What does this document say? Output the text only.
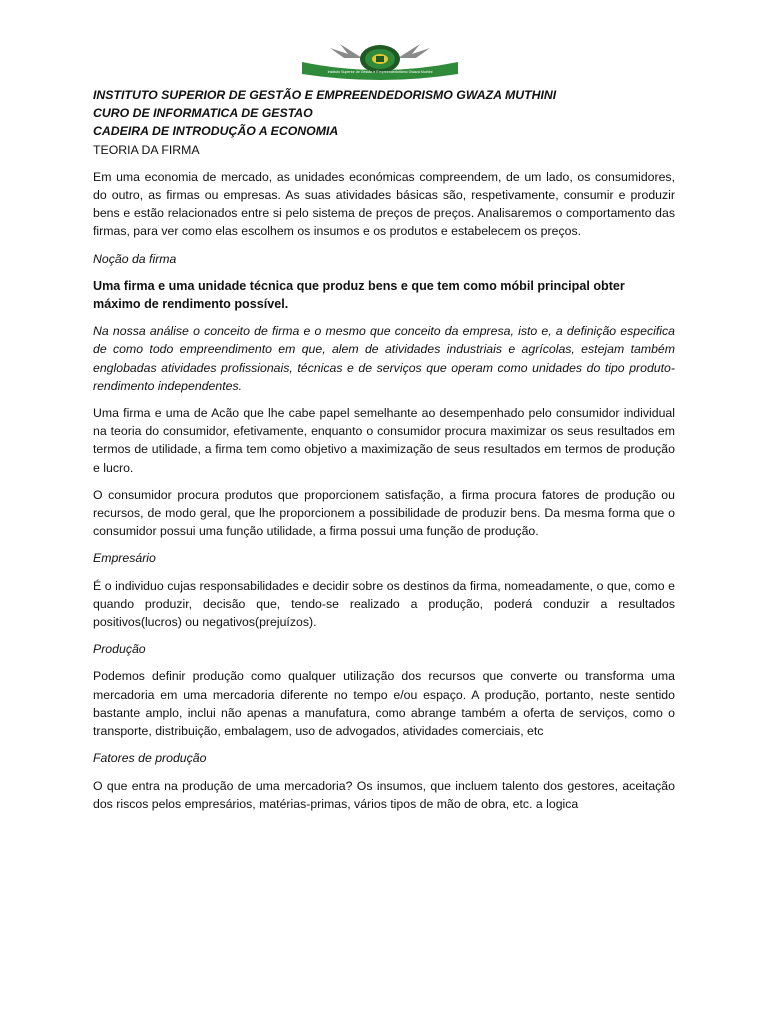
Instituto Superior de Gestão e Empreendedorismo Gwaza Muthini

INSTITUTO SUPERIOR DE GESTÃO E EMPREENDEDORISMO GWAZA MUTHINI

CURO DE INFORMATICA DE GESTAO

CADEIRA DE INTRODUÇÃO A ECONOMIA

TEORIA DA FIRMA

Em uma economia de mercado, as unidades económicas compreendem, de um lado, os consumidores, do outro, as firmas ou empresas. As suas atividades básicas são, respetivamente, consumir e produzir bens e estão relacionados entre si pelo sistema de preços de preços. Analisaremos o comportamento das firmas, para ver como elas escolhem os insumos e os produtos e estabelecem os preços.

Noção da firma

Uma firma e uma unidade técnica que produz bens e que tem como móbil principal obter máximo de rendimento possível.

Na nossa análise o conceito de firma e o mesmo que conceito da empresa, isto e, a definição especifica de como todo empreendimento em que, alem de atividades industriais e agrícolas, estejam também englobadas atividades profissionais, técnicas e de serviços que operam como unidades do tipo produto-rendimento independentes.

Uma firma e uma de Acão que lhe cabe papel semelhante ao desempenhado pelo consumidor individual na teoria do consumidor, efetivamente, enquanto o consumidor procura maximizar os seus resultados em termos de utilidade, a firma tem como objetivo a maximização de seus resultados em termos de produção e lucro.

O consumidor procura produtos que proporcionem satisfação, a firma procura fatores de produção ou recursos, de modo geral, que lhe proporcionem a possibilidade de produzir bens. Da mesma forma que o consumidor possui uma função utilidade, a firma possui uma função de produção.

Empresário

É o individuo cujas responsabilidades e decidir sobre os destinos da firma, nomeadamente, o que, como e quando produzir, decisão que, tendo-se realizado a produção, poderá conduzir a resultados positivos(lucros) ou negativos(prejuízos).

Produção

Podemos definir produção como qualquer utilização dos recursos que converte ou transforma uma mercadoria em uma mercadoria diferente no tempo e/ou espaço. A produção, portanto, neste sentido bastante amplo, inclui não apenas a manufatura, como abrange também a oferta de serviços, como o transporte, distribuição, embalagem, uso de advogados, atividades comerciais, etc

Fatores de produção

O que entra na produção de uma mercadoria? Os insumos, que incluem talento dos gestores, aceitação dos riscos pelos empresários, matérias-primas, vários tipos de mão de obra, etc. a logica
